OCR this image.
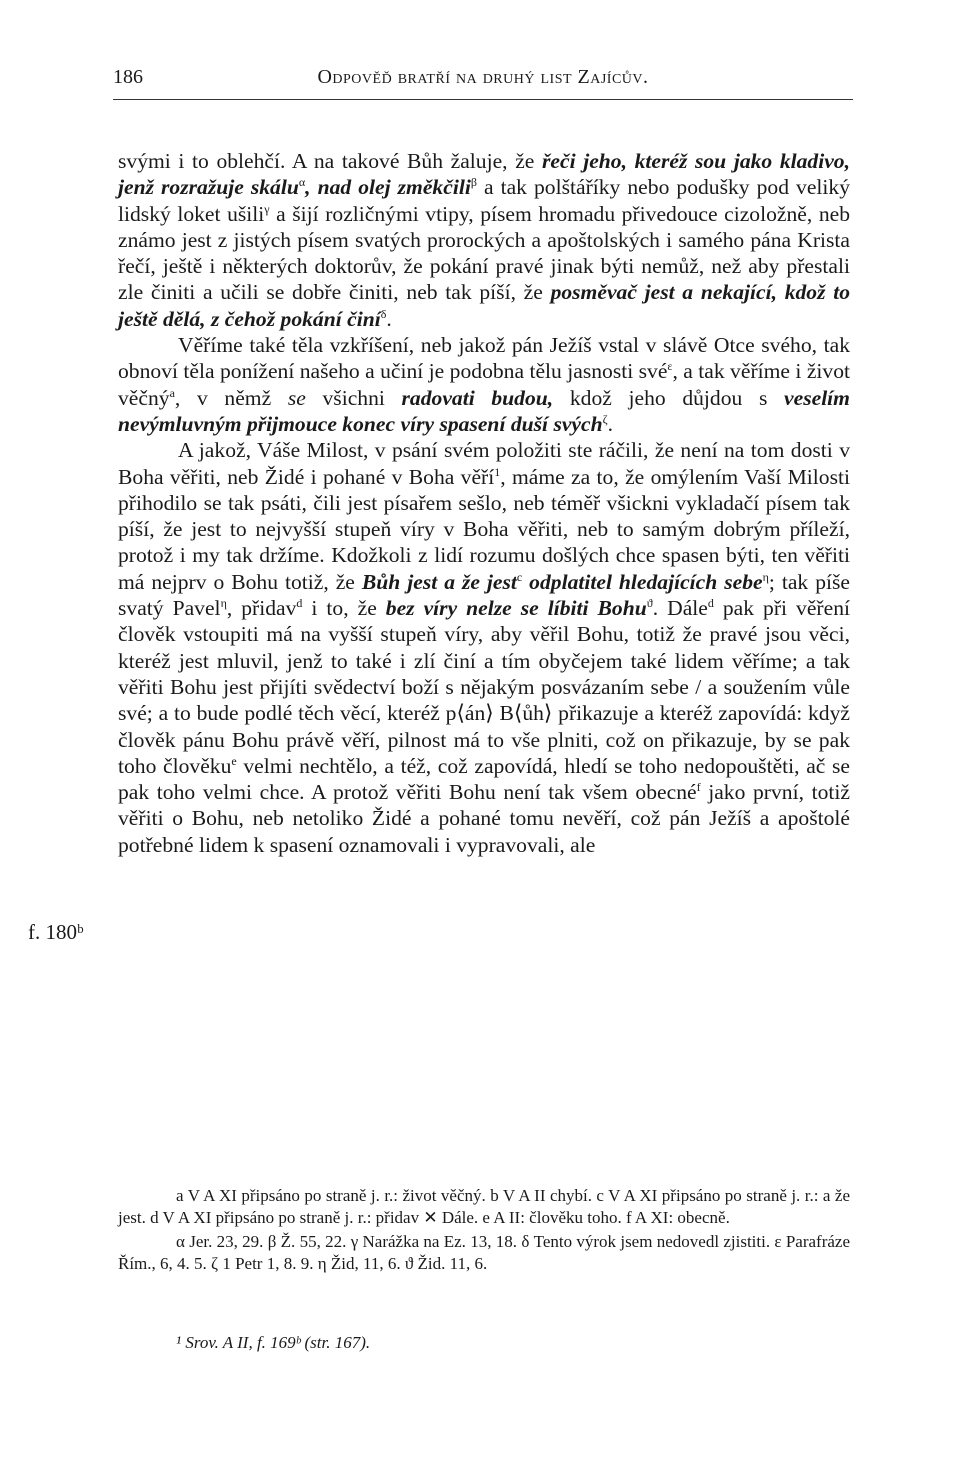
186	Odpověď bratří na druhý list Zajícův.
f. 180ᵇ

svými i to oblehčí. A na takové Bůh žaluje, že řeči jeho, kteréž sou jako kladivo, jenž rozražuje skálu$^\alpha$, nad olej změkčili$^\beta$ a tak polštáříky nebo podušky pod veliký lidský loket ušili$^\gamma$ a šijí rozličnými vtipy, písem hromadu přivedouce cizoložně, neb známo jest z jistých písem svatých prorockých a apoštolských i samého pána Krista řečí, ještě i některých doktorův, že pokání pravé jinak býti nemůž, než aby přestali zle činiti a učili se dobře činiti, neb tak píší, že posměvač jest a nekající, kdož to ještě dělá, z čehož pokání činí$^\delta$.

Věříme také těla vzkříšení, neb jakož pán Ježíš vstal v slávě Otce svého, tak obnoví těla ponížení našeho a učiní je podobna tělu jasnosti své$^\varepsilon$, a tak věříme i život věčný$^a$, v němž se všichni radovati budou, kdož jeho důjdou s veselím nevýmluvným přijmouce konec víry spasení duší svých$^\zeta$.

A jakož, Váše Milost, v psání svém položiti ste ráčili, že není na tom dosti v Boha věřiti, neb Židé i pohané v Boha věří$^1$, máme za to, že omýlením Vaší Milosti přihodilo se tak psáti, čili jest písařem sešlo, neb téměř všickni vykladačí písem tak píší, že jest to nejvyšší stupeň víry v Boha věřiti, neb to samým dobrým příleží, protož i my tak držíme. Kdožkoli z lidí rozumu došlých chce spasen býti, ten věřiti má nejprv o Bohu totiž, že Bůh jest a že jest$^c$ odplatitel hledajících sebe$^\eta$; tak píše svatý Pavel$^\eta$, přidav$^d$ i to, že bez víry nelze se líbiti Bohu$^ϑ$. Dále$^d$ pak při věření člověk vstoupiti má na vyšší stupeň víry, aby věřil Bohu, totiž že pravé jsou věci, kteréž jest mluvil, jenž to také i zlí činí a tím obyčejem také lidem věříme; a tak věřiti Bohu jest přijíti svědectví boží s nějakým posvázaním sebe / a soužením vůle své; a to bude podlé těch věcí, kteréž p⟨án⟩ B⟨ůh⟩ přikazuje a kteréž zapovídá: když člověk pánu Bohu právě věří, pilnost má to vše plniti, což on přikazuje, by se pak toho člověku$^e$ velmi nechtělo, a též, což zapovídá, hledí se toho nedopouštěti, ač se pak toho velmi chce. A protož věřiti Bohu není tak všem obecné$^f$ jako první, totiž věřiti o Bohu, neb netoliko Židé a pohané tomu nevěří, což pán Ježíš a apoštolé potřebné lidem k spasení oznamovali i vypravovali, ale

a V A XI připsáno po straně j. r.: život věčný. b V A II chybí. c V A XI připsáno po straně j. r.: a že jest. d V A XI připsáno po straně j. r.: přidav ✕ Dále. e A II: člověku toho. f A XI: obecně.

α Jer. 23, 29. β Ž. 55, 22. γ Narážka na Ez. 13, 18. δ Tento výrok jsem nedovedl zjistiti. ε Parafráze Řím., 6, 4. 5. ζ 1 Petr 1, 8. 9. η Žid, 11, 6. ϑ Žid. 11, 6.

¹ Srov. A II, f. 169ᵇ (str. 167).
